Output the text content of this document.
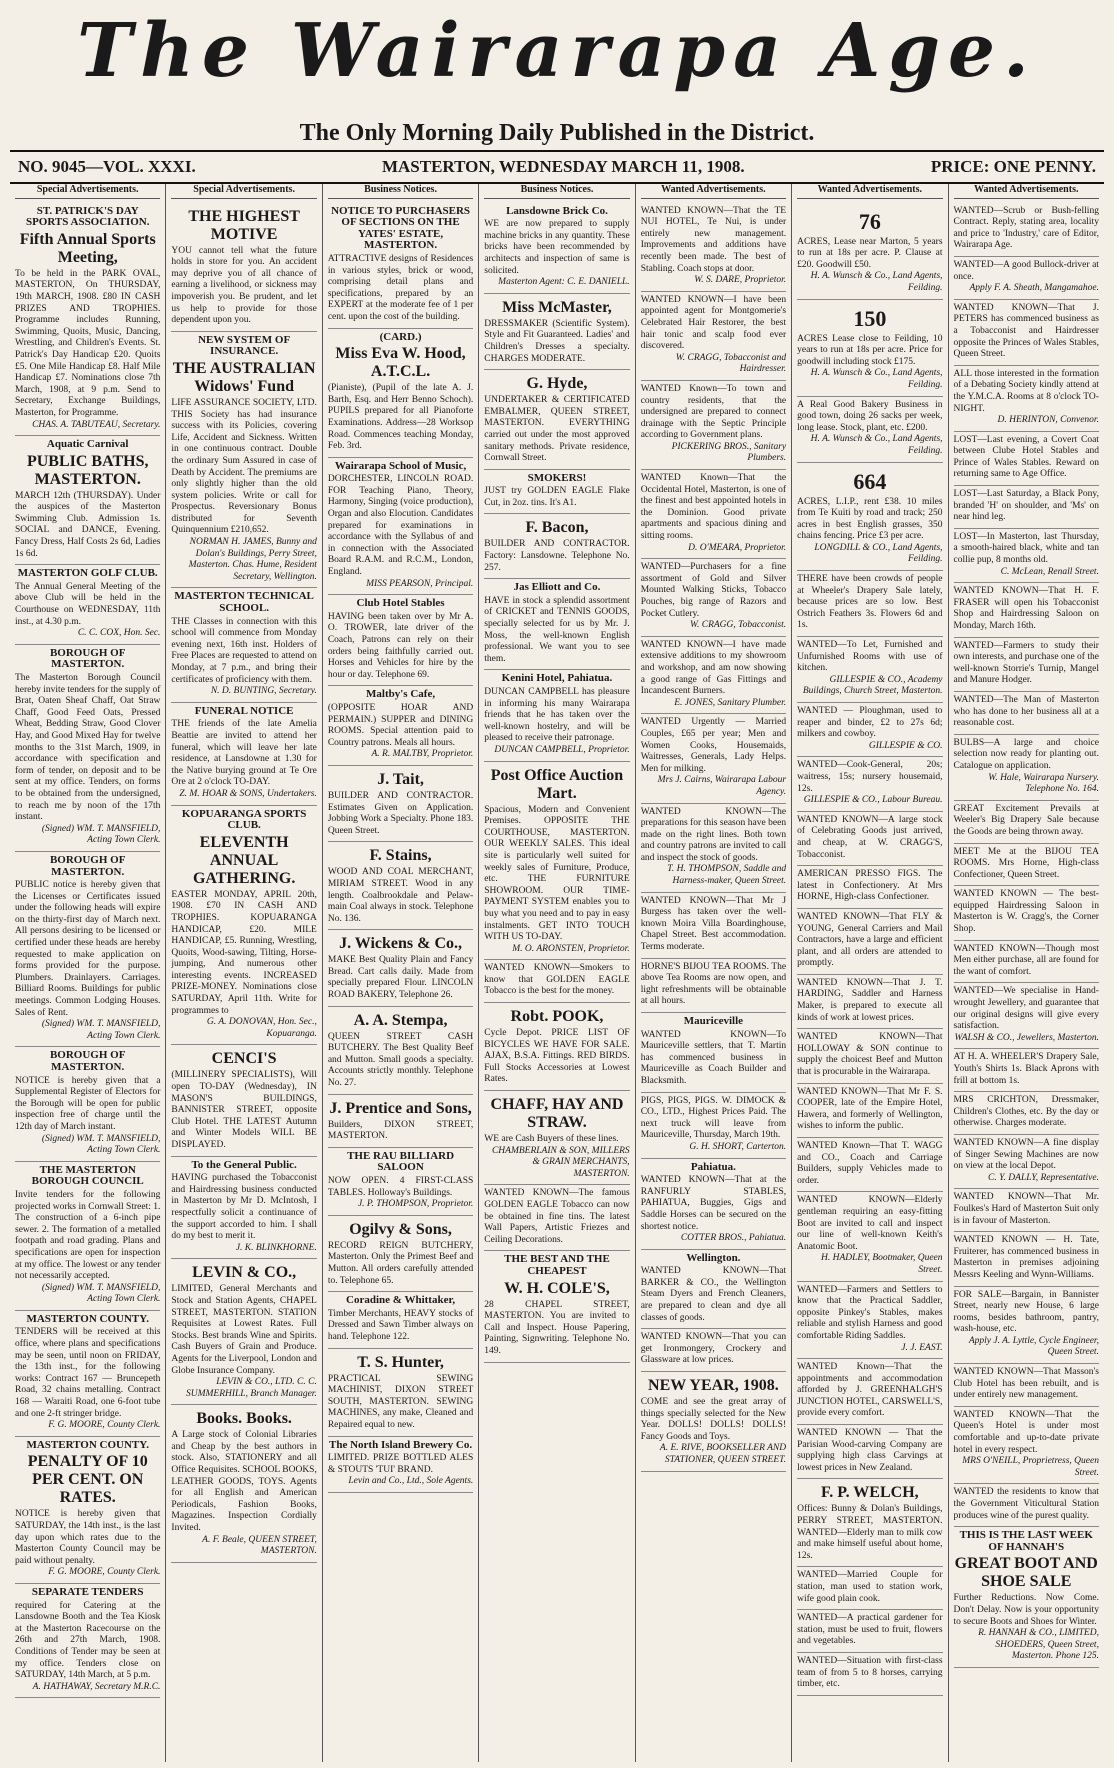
The Wairarapa Age.
The Only Morning Daily Published in the District.
NO. 9045—VOL. XXXI.	MASTERTON, WEDNESDAY MARCH 11, 1908.	PRICE: ONE PENNY.
Special Advertisements.
ST. PATRICK'S DAY SPORTS ASSOCIATION.
Fifth Annual Sports Meeting,
To be held in the PARK OVAL, MASTERTON, On THURSDAY, 19th MARCH, 1908. £80 IN CASH PRIZES AND TROPHIES. Programme includes Running, Swimming, Quoits, Music, Dancing, Wrestling, and Children's Events. St. Patrick's Day Handicap £20. Quoits £5. One Mile Handicap £8. Half Mile Handicap £7. Nominations close 7th March, 1908, at 9 p.m. Send to Secretary, Exchange Buildings, Masterton, for Programme.
CHAS. A. TABUTEAU, Secretary.
Aquatic Carnival
PUBLIC BATHS, MASTERTON.
MARCH 12th (THURSDAY). Under the auspices of the Masterton Swimming Club. Admission 1s. SOCIAL and DANCE, Evening. Fancy Dress, Half Costs 2s 6d, Ladies 1s 6d.
MASTERTON GOLF CLUB.
The Annual General Meeting of the above Club will be held in the Courthouse on WEDNESDAY, 11th inst., at 4.30 p.m.
C. C. COX, Hon. Sec.
BOROUGH OF MASTERTON.
The Masterton Borough Council hereby invite tenders for the supply of Brat, Oaten Sheaf Chaff, Oat Straw Chaff, Good Feed Oats, Pressed Wheat, Bedding Straw, Good Clover Hay, and Good Mixed Hay for twelve months to the 31st March, 1909, in accordance with specification and form of tender, on deposit and to be sent at my office. Tenders, on forms to be obtained from the undersigned, to reach me by noon of the 17th instant.
(Signed) WM. T. MANSFIELD, Acting Town Clerk.
BOROUGH OF MASTERTON.
PUBLIC notice is hereby given that the Licenses or Certificates issued under the following heads will expire on the thirty-first day of March next. All persons desiring to be licensed or certified under these heads are hereby requested to make application on forms provided for the purpose. Plumbers. Drainlayers. Carriages. Billiard Rooms. Buildings for public meetings. Common Lodging Houses. Sales of Rent.
(Signed) WM. T. MANSFIELD, Acting Town Clerk.
BOROUGH OF MASTERTON.
NOTICE is hereby given that a Supplemental Register of Electors for the Borough will be open for public inspection free of charge until the 12th day of March instant.
(Signed) WM. T. MANSFIELD, Acting Town Clerk.
THE MASTERTON BOROUGH COUNCIL
Invite tenders for the following projected works in Cornwall Street: 1. The construction of a 6-inch pipe sewer. 2. The formation of a metalled footpath and road grading. Plans and specifications are open for inspection at my office. The lowest or any tender not necessarily accepted.
(Signed) WM. T. MANSFIELD, Acting Town Clerk.
MASTERTON COUNTY.
TENDERS will be received at this office, where plans and specifications may be seen, until noon on FRIDAY, the 13th inst., for the following works: Contract 167 — Bruncepeth Road, 32 chains metalling. Contract 168 — Waraiti Road, one 6-foot tube and one 2-ft stringer bridge.
F. G. MOORE, County Clerk.
MASTERTON COUNTY.
PENALTY OF 10 PER CENT. ON RATES.
NOTICE is hereby given that SATURDAY, the 14th inst., is the last day upon which rates due to the Masterton County Council may be paid without penalty.
F. G. MOORE, County Clerk.
SEPARATE TENDERS
required for Catering at the Lansdowne Booth and the Tea Kiosk at the Masterton Racecourse on the 26th and 27th March, 1908. Conditions of Tender may be seen at my office. Tenders close on SATURDAY, 14th March, at 5 p.m.
A. HATHAWAY, Secretary M.R.C.
Special Advertisements.
THE HIGHEST MOTIVE
YOU cannot tell what the future holds in store for you. An accident may deprive you of all chance of earning a livelihood, or sickness may impoverish you. Be prudent, and let us help to provide for those dependent upon you.
NEW SYSTEM OF INSURANCE.
THE AUSTRALIAN Widows' Fund
LIFE ASSURANCE SOCIETY, LTD. THIS Society has had insurance success with its Policies, covering Life, Accident and Sickness. Written in one continuous contract. Double the ordinary Sum Assured in case of Death by Accident. The premiums are only slightly higher than the old system policies. Write or call for Prospectus. Reversionary Bonus distributed for Seventh Quinquennium £210,652.
NORMAN H. JAMES, Bunny and Dolan's Buildings, Perry Street, Masterton. Chas. Hume, Resident Secretary, Wellington.
MASTERTON TECHNICAL SCHOOL.
THE Classes in connection with this school will commence from Monday evening next, 16th inst. Holders of Free Places are requested to attend on Monday, at 7 p.m., and bring their certificates of proficiency with them.
N. D. BUNTING, Secretary.
FUNERAL NOTICE
THE friends of the late Amelia Beattie are invited to attend her funeral, which will leave her late residence, at Lansdowne at 1.30 for the Native burying ground at Te Ore Ore at 2 o'clock TO-DAY.
Z. M. HOAR & SONS, Undertakers.
KOPUARANGA SPORTS CLUB.
ELEVENTH ANNUAL GATHERING.
EASTER MONDAY, APRIL 20th, 1908. £70 IN CASH AND TROPHIES. KOPUARANGA HANDICAP, £20. MILE HANDICAP, £5. Running, Wrestling, Quoits, Wood-sawing, Tilting, Horse-jumping, And numerous other interesting events. INCREASED PRIZE-MONEY. Nominations close SATURDAY, April 11th. Write for programmes to
G. A. DONOVAN, Hon. Sec., Kopuaranga.
CENCI'S
(MILLINERY SPECIALISTS), Will open TO-DAY (Wednesday), IN MASON'S BUILDINGS, BANNISTER STREET, opposite Club Hotel. THE LATEST Autumn and Winter Models WILL BE DISPLAYED.
To the General Public.
HAVING purchased the Tobacconist and Hairdressing business conducted in Masterton by Mr D. McIntosh, I respectfully solicit a continuance of the support accorded to him. I shall do my best to merit it.
J. K. BLINKHORNE.
LEVIN & CO.,
LIMITED, General Merchants and Stock and Station Agents, CHAPEL STREET, MASTERTON. STATION Requisites at Lowest Rates. Full Stocks. Best brands Wine and Spirits. Cash Buyers of Grain and Produce. Agents for the Liverpool, London and Globe Insurance Company.
LEVIN & CO., LTD. C. C. SUMMERHILL, Branch Manager.
Books. Books.
A Large stock of Colonial Libraries and Cheap by the best authors in stock. Also, STATIONERY and all Office Requisites. SCHOOL BOOKS, LEATHER GOODS, TOYS. Agents for all English and American Periodicals, Fashion Books, Magazines. Inspection Cordially Invited.
A. F. Beale, QUEEN STREET, MASTERTON.
Business Notices.
NOTICE TO PURCHASERS OF SECTIONS ON THE YATES' ESTATE, MASTERTON.
ATTRACTIVE designs of Residences in various styles, brick or wood, comprising detail plans and specifications, prepared by an EXPERT at the moderate fee of 1 per cent. upon the cost of the building.
(CARD.)
Miss Eva W. Hood, A.T.C.L.
(Pianiste), (Pupil of the late A. J. Barth, Esq. and Herr Benno Schoch). PUPILS prepared for all Pianoforte Examinations. Address—28 Worksop Road. Commences teaching Monday, Feb. 3rd.
Wairarapa School of Music,
DORCHESTER, LINCOLN ROAD. FOR Teaching Piano, Theory, Harmony, Singing (voice production), Organ and also Elocution. Candidates prepared for examinations in accordance with the Syllabus of and in connection with the Associated Board R.A.M. and R.C.M., London, England.
MISS PEARSON, Principal.
Club Hotel Stables
HAVING been taken over by Mr A. O. TROWER, late driver of the Coach, Patrons can rely on their orders being faithfully carried out. Horses and Vehicles for hire by the hour or day. Telephone 69.
Maltby's Cafe,
(OPPOSITE HOAR AND PERMAIN.) SUPPER and DINING ROOMS. Special attention paid to Country patrons. Meals all hours.
A. R. MALTBY, Proprietor.
J. Tait,
BUILDER AND CONTRACTOR. Estimates Given on Application. Jobbing Work a Specialty. Phone 183. Queen Street.
F. Stains,
WOOD AND COAL MERCHANT, MIRIAM STREET. Wood in any length. Coalbrookdale and Pelaw-main Coal always in stock. Telephone No. 136.
J. Wickens & Co.,
MAKE Best Quality Plain and Fancy Bread. Cart calls daily. Made from specially prepared Flour. LINCOLN ROAD BAKERY, Telephone 26.
A. A. Stempa,
QUEEN STREET CASH BUTCHERY. The Best Quality Beef and Mutton. Small goods a specialty. Accounts strictly monthly. Telephone No. 27.
J. Prentice and Sons,
Builders, DIXON STREET, MASTERTON.
THE RAU BILLIARD SALOON
NOW OPEN. 4 FIRST-CLASS TABLES. Holloway's Buildings.
J. P. THOMPSON, Proprietor.
Ogilvy & Sons,
RECORD REIGN BUTCHERY, Masterton. Only the Primest Beef and Mutton. All orders carefully attended to. Telephone 65.
Coradine & Whittaker,
Timber Merchants, HEAVY stocks of Dressed and Sawn Timber always on hand. Telephone 122.
T. S. Hunter,
PRACTICAL SEWING MACHINIST, DIXON STREET SOUTH, MASTERTON. SEWING MACHINES, any make, Cleaned and Repaired equal to new.
The North Island Brewery Co.
LIMITED. PRIZE BOTTLED ALES & STOUTS 'TUI' BRAND.
Levin and Co., Ltd., Sole Agents.
Business Notices.
Lansdowne Brick Co.
WE are now prepared to supply machine bricks in any quantity. These bricks have been recommended by architects and inspection of same is solicited.
Masterton Agent: C. E. DANIELL.
Miss McMaster,
DRESSMAKER (Scientific System). Style and Fit Guaranteed. Ladies' and Children's Dresses a specialty. CHARGES MODERATE.
G. Hyde,
UNDERTAKER & CERTIFICATED EMBALMER, QUEEN STREET, MASTERTON. EVERYTHING carried out under the most approved sanitary methods. Private residence, Cornwall Street.
SMOKERS!
JUST try GOLDEN EAGLE Flake Cut, in 2oz. tins. It's A1.
F. Bacon,
BUILDER AND CONTRACTOR. Factory: Lansdowne. Telephone No. 257.
Jas Elliott and Co.
HAVE in stock a splendid assortment of CRICKET and TENNIS GOODS, specially selected for us by Mr. J. Moss, the well-known English professional. We want you to see them.
Kenini Hotel, Pahiatua.
DUNCAN CAMPBELL has pleasure in informing his many Wairarapa friends that he has taken over the well-known hostelry, and will be pleased to receive their patronage.
DUNCAN CAMPBELL, Proprietor.
Post Office Auction Mart.
Spacious, Modern and Convenient Premises. OPPOSITE THE COURTHOUSE, MASTERTON. OUR WEEKLY SALES. This ideal site is particularly well suited for weekly sales of Furniture, Produce, etc. THE FURNITURE SHOWROOM. OUR TIME-PAYMENT SYSTEM enables you to buy what you need and to pay in easy instalments. GET INTO TOUCH WITH US TO-DAY.
M. O. ARONSTEN, Proprietor.
WANTED KNOWN—Smokers to know that GOLDEN EAGLE Tobacco is the best for the money.
Robt. POOK,
Cycle Depot. PRICE LIST OF BICYCLES WE HAVE FOR SALE. AJAX, B.S.A. Fittings. RED BIRDS. Full Stocks Accessories at Lowest Rates.
CHAFF, HAY AND STRAW.
WE are Cash Buyers of these lines.
CHAMBERLAIN & SON, MILLERS & GRAIN MERCHANTS, MASTERTON.
WANTED KNOWN—The famous GOLDEN EAGLE Tobacco can now be obtained in fine tins. The latest Wall Papers, Artistic Friezes and Ceiling Decorations.
THE BEST AND THE CHEAPEST
W. H. COLE'S,
28 CHAPEL STREET, MASTERTON. You are invited to Call and Inspect. House Papering, Painting, Signwriting. Telephone No. 149.
Wanted Advertisements.
WANTED KNOWN—That the TE NUI HOTEL, Te Nui, is under entirely new management. Improvements and additions have recently been made. The best of Stabling. Coach stops at door.
W. S. DARE, Proprietor.
WANTED KNOWN—I have been appointed agent for Montgomerie's Celebrated Hair Restorer, the best hair tonic and scalp food ever discovered.
W. CRAGG, Tobacconist and Hairdresser.
WANTED Known—To town and country residents, that the undersigned are prepared to connect drainage with the Septic Principle according to Government plans.
PICKERING BROS., Sanitary Plumbers.
WANTED Known—That the Occidental Hotel, Masterton, is one of the finest and best appointed hotels in the Dominion. Good private apartments and spacious dining and sitting rooms.
D. O'MEARA, Proprietor.
WANTED—Purchasers for a fine assortment of Gold and Silver Mounted Walking Sticks, Tobacco Pouches, big range of Razors and Pocket Cutlery.
W. CRAGG, Tobacconist.
WANTED KNOWN—I have made extensive additions to my showroom and workshop, and am now showing a good range of Gas Fittings and Incandescent Burners.
E. JONES, Sanitary Plumber.
WANTED Urgently — Married Couples, £65 per year; Men and Women Cooks, Housemaids, Waitresses, Generals, Lady Helps. Men for milking.
Mrs J. Cairns, Wairarapa Labour Agency.
WANTED KNOWN—The preparations for this season have been made on the right lines. Both town and country patrons are invited to call and inspect the stock of goods.
T. H. THOMPSON, Saddle and Harness-maker, Queen Street.
WANTED KNOWN—That Mr J Burgess has taken over the well-known Moira Villa Boardinghouse, Chapel Street. Best accommodation. Terms moderate.
HORNE'S BIJOU TEA ROOMS. The above Tea Rooms are now open, and light refreshments will be obtainable at all hours.
Mauriceville
WANTED KNOWN—To Mauriceville settlers, that T. Martin has commenced business in Mauriceville as Coach Builder and Blacksmith.
PIGS, PIGS, PIGS. W. DIMOCK & CO., LTD., Highest Prices Paid. The next truck will leave from Mauriceville, Thursday, March 19th.
G. H. SHORT, Carterton.
Pahiatua.
WANTED KNOWN—That at the RANFURLY STABLES, PAHIATUA, Buggies, Gigs and Saddle Horses can be secured on the shortest notice.
COTTER BROS., Pahiatua.
Wellington.
WANTED KNOWN—That BARKER & CO., the Wellington Steam Dyers and French Cleaners, are prepared to clean and dye all classes of goods.
WANTED KNOWN—That you can get Ironmongery, Crockery and Glassware at low prices.
NEW YEAR, 1908.
COME and see the great array of things specially selected for the New Year. DOLLS! DOLLS! DOLLS! Fancy Goods and Toys.
A. E. RIVE, BOOKSELLER AND STATIONER, QUEEN STREET.
Wanted Advertisements.
76
ACRES, Lease near Marton, 5 years to run at 18s per acre. P. Clause at £20. Goodwill £50.
H. A. Wunsch & Co., Land Agents, Feilding.
150
ACRES Lease close to Feilding, 10 years to run at 18s per acre. Price for goodwill including stock £175.
H. A. Wunsch & Co., Land Agents, Feilding.
A Real Good Bakery Business in good town, doing 26 sacks per week, long lease. Stock, plant, etc. £200.
H. A. Wunsch & Co., Land Agents, Feilding.
664
ACRES, L.I.P., rent £38. 10 miles from Te Kuiti by road and track; 250 acres in best English grasses, 350 chains fencing. Price £3 per acre.
LONGDILL & CO., Land Agents, Feilding.
THERE have been crowds of people at Wheeler's Drapery Sale lately, because prices are so low. Best Ostrich Feathers 3s. Flowers 6d and 1s.
WANTED—To Let, Furnished and Unfurnished Rooms with use of kitchen.
GILLESPIE & CO., Academy Buildings, Church Street, Masterton.
WANTED — Ploughman, used to reaper and binder, £2 to 27s 6d; milkers and cowboy.
GILLESPIE & CO.
WANTED—Cook-General, 20s; waitress, 15s; nursery housemaid, 12s.
GILLESPIE & CO., Labour Bureau.
WANTED KNOWN—A large stock of Celebrating Goods just arrived, and cheap, at W. CRAGG'S, Tobacconist.
AMERICAN PRESSO FIGS. The latest in Confectionery. At Mrs HORNE, High-class Confectioner.
WANTED KNOWN—That FLY & YOUNG, General Carriers and Mail Contractors, have a large and efficient plant, and all orders are attended to promptly.
WANTED KNOWN—That J. T. HARDING, Saddler and Harness Maker, is prepared to execute all kinds of work at lowest prices.
WANTED KNOWN—That HOLLOWAY & SON continue to supply the choicest Beef and Mutton that is procurable in the Wairarapa.
WANTED KNOWN—That Mr F. S. COOPER, late of the Empire Hotel, Hawera, and formerly of Wellington, wishes to inform the public.
WANTED Known—That T. WAGG and CO., Coach and Carriage Builders, supply Vehicles made to order.
WANTED KNOWN—Elderly gentleman requiring an easy-fitting Boot are invited to call and inspect our line of well-known Keith's Anatomic Boot.
H. HADLEY, Bootmaker, Queen Street.
WANTED—Farmers and Settlers to know that the Practical Saddler, opposite Pinkey's Stables, makes reliable and stylish Harness and good comfortable Riding Saddles.
J. J. EAST.
WANTED Known—That the appointments and accommodation afforded by J. GREENHALGH'S JUNCTION HOTEL, CARSWELL'S, provide every comfort.
WANTED KNOWN — That the Parisian Wood-carving Company are supplying high class Carvings at lowest prices in New Zealand.
F. P. WELCH,
Offices: Bunny & Dolan's Buildings, PERRY STREET, MASTERTON. WANTED—Elderly man to milk cow and make himself useful about home, 12s.
WANTED—Married Couple for station, man used to station work, wife good plain cook.
WANTED—A practical gardener for station, must be used to fruit, flowers and vegetables.
WANTED—Situation with first-class team of from 5 to 8 horses, carrying timber, etc.
Wanted Advertisements.
WANTED—Scrub or Bush-felling Contract. Reply, stating area, locality and price to 'Industry,' care of Editor, Wairarapa Age.
WANTED—A good Bullock-driver at once.
Apply F. A. Sheath, Mangamahoe.
WANTED KNOWN—That J. PETERS has commenced business as a Tobacconist and Hairdresser opposite the Princes of Wales Stables, Queen Street.
ALL those interested in the formation of a Debating Society kindly attend at the Y.M.C.A. Rooms at 8 o'clock TO-NIGHT.
D. HERINTON, Convenor.
LOST—Last evening, a Covert Coat between Clube Hotel Stables and Prince of Wales Stables. Reward on returning same to Age Office.
LOST—Last Saturday, a Black Pony, branded 'H' on shoulder, and 'Ms' on near hind leg.
LOST—In Masterton, last Thursday, a smooth-haired black, white and tan collie pup, 8 months old.
C. McLean, Renall Street.
WANTED KNOWN—That H. F. FRASER will open his Tobacconist Shop and Hairdressing Saloon on Monday, March 16th.
WANTED—Farmers to study their own interests, and purchase one of the well-known Storrie's Turnip, Mangel and Manure Hodger.
WANTED—The Man of Masterton who has done to her business all at a reasonable cost.
BULBS—A large and choice selection now ready for planting out. Catalogue on application.
W. Hale, Wairarapa Nursery. Telephone No. 164.
GREAT Excitement Prevails at Weeler's Big Drapery Sale because the Goods are being thrown away.
MEET Me at the BIJOU TEA ROOMS. Mrs Horne, High-class Confectioner, Queen Street.
WANTED KNOWN — The best-equipped Hairdressing Saloon in Masterton is W. Cragg's, the Corner Shop.
WANTED KNOWN—Though most Men either purchase, all are found for the want of comfort.
WANTED—We specialise in Hand-wrought Jewellery, and guarantee that our original designs will give every satisfaction.
WALSH & CO., Jewellers, Masterton.
AT H. A. WHEELER'S Drapery Sale, Youth's Shirts 1s. Black Aprons with frill at bottom 1s.
MRS CRICHTON, Dressmaker, Children's Clothes, etc. By the day or otherwise. Charges moderate.
WANTED KNOWN—A fine display of Singer Sewing Machines are now on view at the local Depot.
C. Y. DALLY, Representative.
WANTED KNOWN—That Mr. Foulkes's Hard of Masterton Suit only is in favour of Masterton.
WANTED KNOWN — H. Tate, Fruiterer, has commenced business in Masterton in premises adjoining Messrs Keeling and Wynn-Williams.
FOR SALE—Bargain, in Bannister Street, nearly new House, 6 large rooms, besides bathroom, pantry, wash-house, etc.
Apply J. A. Lyttle, Cycle Engineer, Queen Street.
WANTED KNOWN—That Masson's Club Hotel has been rebuilt, and is under entirely new management.
WANTED KNOWN—That the Queen's Hotel is under most comfortable and up-to-date private hotel in every respect.
MRS O'NEILL, Proprietress, Queen Street.
WANTED the residents to know that the Government Viticultural Station produces wine of the purest quality.
THIS IS THE LAST WEEK OF HANNAH'S
GREAT BOOT AND SHOE SALE
Further Reductions. Now Come. Don't Delay. Now is your opportunity to secure Boots and Shoes for Winter.
R. HANNAH & CO., LIMITED, SHOEDERS, Queen Street, Masterton. Phone 125.
